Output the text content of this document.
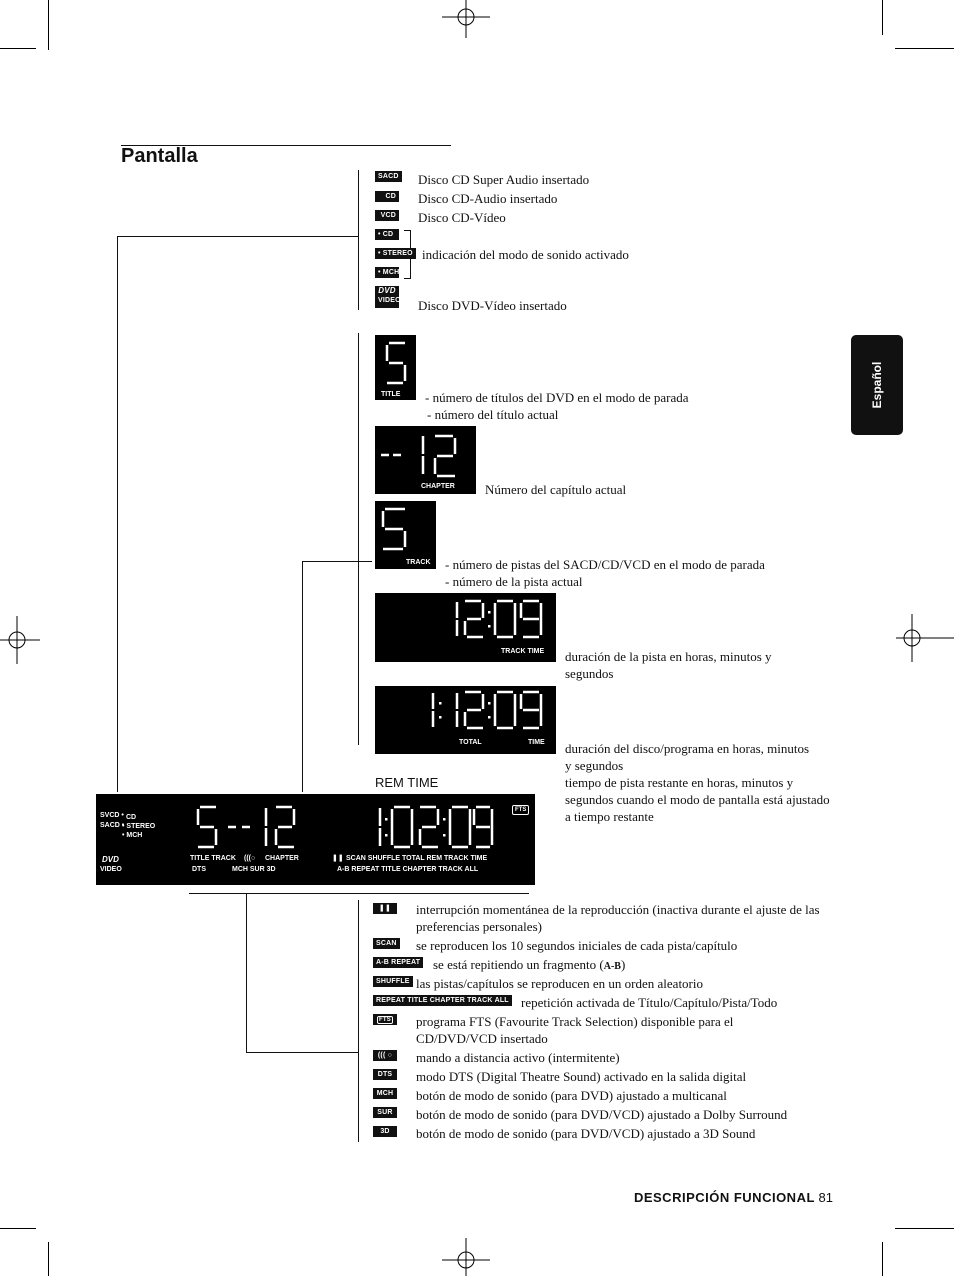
Español
Pantalla
SACD Disco CD Super Audio insertado
CD Disco CD-Audio insertado
VCD Disco CD-Vídeo
• CD
• STEREO
• MCH
indicación del modo de sonido activado
DVD
VIDEO Disco DVD-Vídeo insertado
TITLE - número de títulos del DVD en el modo de parada
- número del título actual
CHAPTER Número del capítulo actual
TRACK - número de pistas del SACD/CD/VCD en el modo de parada
- número de la pista actual
TRACK TIME duración de la pista en horas, minutos y segundos
TOTAL	TIME duración del disco/programa en horas, minutos y segundos
REM TIME	tiempo de pista restante en horas, minutos y segundos cuando el modo de pantalla está ajustado a tiempo restante
SVCD •
SACD •
CD
• STEREO
• MCH
DVD
VIDEO
FTS
TITLE TRACK (((○ CHAPTER
DTS	MCH SUR 3D
❚❚ SCAN SHUFFLE TOTAL REM TRACK TIME
A-B REPEAT TITLE CHAPTER TRACK ALL
❚❚	interrupción momentánea de la reproducción (inactiva durante el ajuste de las preferencias personales)
SCAN se reproducen los 10 segundos iniciales de cada pista/capítulo
A-B REPEAT se está repitiendo un fragmento (A-B)
SHUFFLE las pistas/capítulos se reproducen en un orden aleatorio
REPEAT TITLE CHAPTER TRACK ALL repetición activada de Título/Capítulo/Pista/Todo
FTS	programa FTS (Favourite Track Selection) disponible para el CD/DVD/VCD insertado
((( ○	mando a distancia activo (intermitente)
DTS	modo DTS (Digital Theatre Sound) activado en la salida digital
MCH botón de modo de sonido (para DVD) ajustado a multicanal
SUR	botón de modo de sonido (para DVD/VCD) ajustado a Dolby Surround
3D	botón de modo de sonido (para DVD/VCD) ajustado a 3D Sound
DESCRIPCIÓN FUNCIONAL 81
